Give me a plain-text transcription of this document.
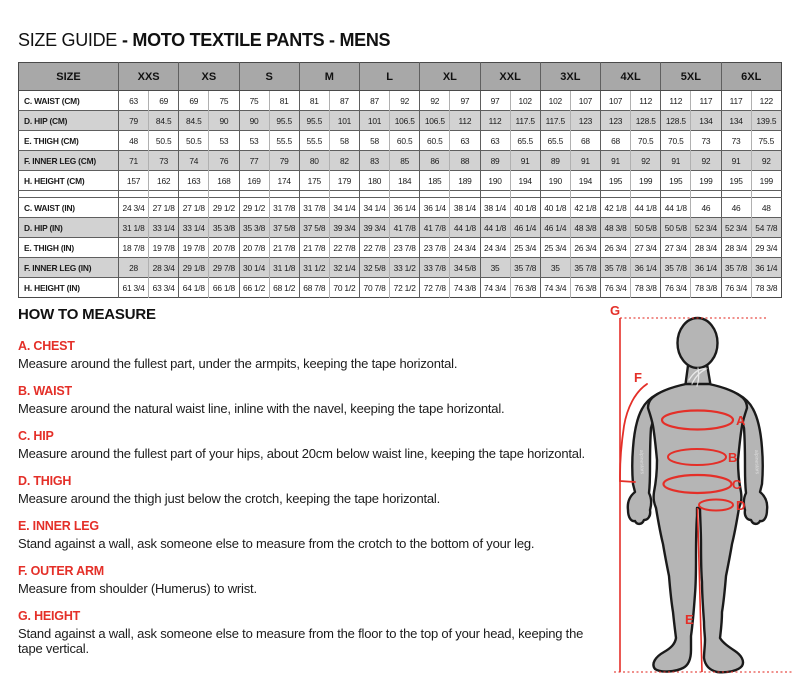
SIZE GUIDE - MOTO TEXTILE PANTS - MENS
SIZE	XXS		XS		S		M		L		XL		XXL		3XL		4XL		5XL		6XL	
C. WAIST (CM)	63	69	69	75	75	81	81	87	87	92	92	97	97	102	102	107	107	112	112	117	117	122
D. HIP (CM)	79	84.5	84.5	90	90	95.5	95.5	101	101	106.5	106.5	112	112	117.5	117.5	123	123	128.5	128.5	134	134	139.5
E. THIGH (CM)	48	50.5	50.5	53	53	55.5	55.5	58	58	60.5	60.5	63	63	65.5	65.5	68	68	70.5	70.5	73	73	75.5
F. INNER LEG (CM)	71	73	74	76	77	79	80	82	83	85	86	88	89	91	89	91	91	92	91	92	91	92
H. HEIGHT (CM)	157	162	163	168	169	174	175	179	180	184	185	189	190	194	190	194	195	199	195	199	195	199

C. WAIST (IN)	24 3/4	27 1/8	27 1/8	29 1/2	29 1/2	31 7/8	31 7/8	34 1/4	34 1/4	36 1/4	36 1/4	38 1/4	38 1/4	40 1/8	40 1/8	42 1/8	42 1/8	44 1/8	44 1/8	46	46	48
D. HIP (IN)	31 1/8	33 1/4	33 1/4	35 3/8	35 3/8	37 5/8	37 5/8	39 3/4	39 3/4	41 7/8	41 7/8	44 1/8	44 1/8	46 1/4	46 1/4	48 3/8	48 3/8	50 5/8	50 5/8	52 3/4	52 3/4	54 7/8
E. THIGH (IN)	18 7/8	19 7/8	19 7/8	20 7/8	20 7/8	21 7/8	21 7/8	22 7/8	22 7/8	23 7/8	23 7/8	24 3/4	24 3/4	25 3/4	25 3/4	26 3/4	26 3/4	27 3/4	27 3/4	28 3/4	28 3/4	29 3/4
F. INNER LEG (IN)	28	28 3/4	29 1/8	29 7/8	30 1/4	31 1/8	31 1/2	32 1/4	32 5/8	33 1/2	33 7/8	34 5/8	35	35 7/8	35	35 7/8	35 7/8	36 1/4	35 7/8	36 1/4	35 7/8	36 1/4
H. HEIGHT (IN)	61 3/4	63 3/4	64 1/8	66 1/8	66 1/2	68 1/2	68 7/8	70 1/2	70 7/8	72 1/2	72 7/8	74 3/8	74 3/4	76 3/8	74 3/4	76 3/8	76 3/4	78 3/8	76 3/4	78 3/8	76 3/4	78 3/8
HOW TO MEASURE
A. CHEST
Measure around the fullest part, under the armpits, keeping the tape horizontal.
B. WAIST
Measure around the natural waist line, inline with the navel, keeping the tape horizontal.
C. HIP
Measure around the fullest part of your hips, about 20cm below waist line, keeping the tape horizontal.
D. THIGH
Measure around the thigh just below the crotch, keeping the tape horizontal.
E. INNER LEG
Stand against a wall, ask someone else to measure from the crotch to the bottom of your leg.
F. OUTER ARM
Measure from shoulder (Humerus) to wrist.
G. HEIGHT
Stand against a wall, ask someone else to measure from the floor to the top of your head, keeping the tape vertical.
alpinestars	alpinestars
G
F
A
B
C
D
E
